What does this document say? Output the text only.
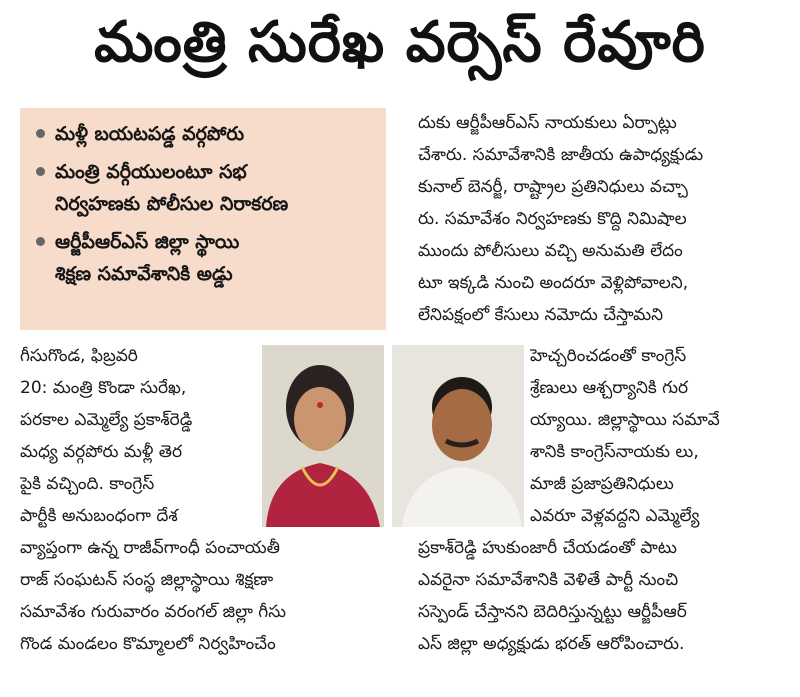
మంత్రి సురేఖ వర్సెస్ రేవూరి
మళ్లీ బయటపడ్డ వర్గపోరు
మంత్రి వర్గీయులంటూ సభ
నిర్వహణకు పోలీసుల నిరాకరణ
ఆర్జీపీఆర్ఎస్ జిల్లా స్థాయి
శిక్షణ సమావేశానికి అడ్డు
దుకు ఆర్జీపీఆర్ఎస్ నాయకులు ఏర్పాట్లు
చేశారు. సమావేశానికి జాతీయ ఉపాధ్యక్షుడు
కునాల్ బెనర్జీ, రాష్ట్రాల ప్రతినిధులు వచ్చా
రు. సమావేశం నిర్వహణకు కొద్ది నిమిషాల
ముందు పోలీసులు వచ్చి అనుమతి లేదం
టూ ఇక్కడి నుంచి అందరూ వెళ్లిపోవాలని,
లేనిపక్షంలో కేసులు నమోదు చేస్తామని
గీసుగొండ, ఫిబ్రవరి
20: మంత్రి కొండా సురేఖ,
పరకాల ఎమ్మెల్యే ప్రకాశ్‌రెడ్డి
మధ్య వర్గపోరు మళ్లీ తెర
పైకి వచ్చింది. కాంగ్రెస్
పార్టీకి అనుబంధంగా దేశ
హెచ్చరించడంతో కాంగ్రెస్
శ్రేణులు ఆశ్చర్యానికి గుర
య్యాయి. జిల్లాస్థాయి సమావే
శానికి కాంగ్రెస్‌నాయకు లు,
మాజీ ప్రజాప్రతినిధులు
ఎవరూ వెళ్లవద్దని ఎమ్మెల్యే
వ్యాప్తంగా ఉన్న రాజీవ్‌గాంధీ పంచాయతీ	ప్రకాశ్‌రెడ్డి హుకుంజారీ చేయడంతో పాటు
రాజ్ సంఘటన్ సంస్థ జిల్లాస్థాయి శిక్షణా	ఎవరైనా సమావేశానికి వెళితే పార్టీ నుంచి
సమావేశం గురువారం వరంగల్ జిల్లా గీసు	సస్పెండ్ చేస్తానని బెదిరిస్తున్నట్టు ఆర్జీపీఆర్
గొండ మండలం కొమ్మాలలో నిర్వహించేం	ఎస్ జిల్లా అధ్యక్షుడు భరత్ ఆరోపించారు.
